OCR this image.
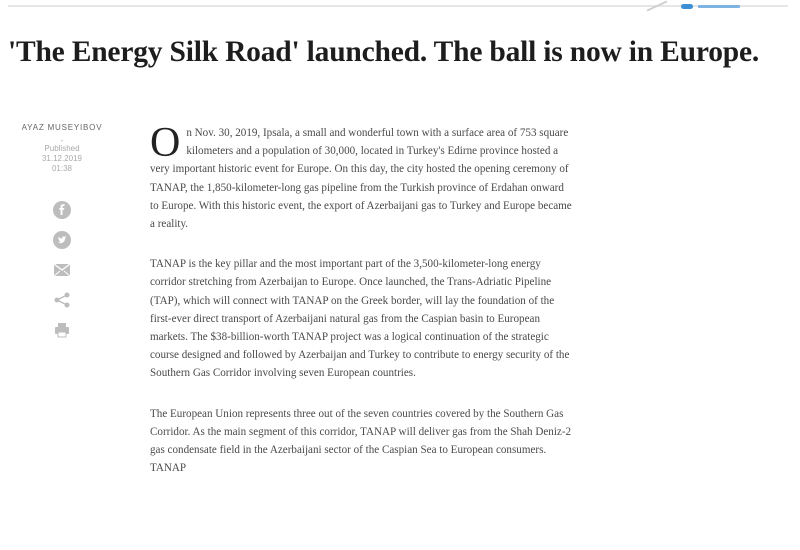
'The Energy Silk Road' launched. The ball is now in Europe.
AYAZ MUSEYIBOV
-
Published
31.12.2019
01:38

On Nov. 30, 2019, Ipsala, a small and wonderful town with a surface area of 753 square kilometers and a population of 30,000, located in Turkey's Edirne province hosted a very important historic event for Europe. On this day, the city hosted the opening ceremony of TANAP, the 1,850-kilometer-long gas pipeline from the Turkish province of Erdahan onward to Europe. With this historic event, the export of Azerbaijani gas to Turkey and Europe became a reality.

TANAP is the key pillar and the most important part of the 3,500-kilometer-long energy corridor stretching from Azerbaijan to Europe. Once launched, the Trans-Adriatic Pipeline (TAP), which will connect with TANAP on the Greek border, will lay the foundation of the first-ever direct transport of Azerbaijani natural gas from the Caspian basin to European markets. The $38-billion-worth TANAP project was a logical continuation of the strategic course designed and followed by Azerbaijan and Turkey to contribute to energy security of the Southern Gas Corridor involving seven European countries.

The European Union represents three out of the seven countries covered by the Southern Gas Corridor. As the main segment of this corridor, TANAP will deliver gas from the Shah Deniz-2 gas condensate field in the Azerbaijani sector of the Caspian Sea to European consumers. TANAP
